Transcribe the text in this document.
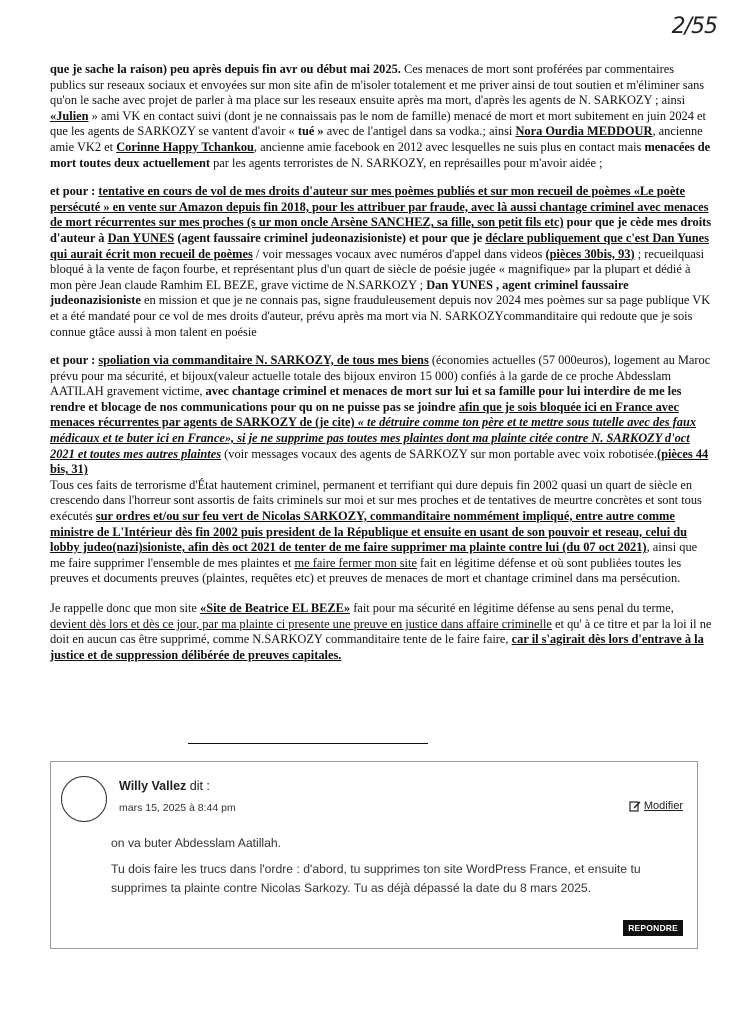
2/55

que je sache la raison) peu après depuis fin avr ou début mai 2025. Ces menaces de mort sont proférées par commentaires publics sur reseaux sociaux et envoyées sur mon site afin de m'isoler totalement et me priver ainsi de tout soutien et m'éliminer sans qu'on le sache avec projet de parler à ma place sur les reseaux ensuite après ma mort, d'après les agents de N. SARKOZY ; ainsi «Julien » ami VK en contact suivi (dont je ne connaissais pas le nom de famille) menacé de mort et mort subitement en juin 2024 et que les agents de SARKOZY se vantent d'avoir « tué » avec de l'antigel dans sa vodka.; ainsi Nora Ourdia MEDDOUR, ancienne amie VK2 et Corinne Happy Tchankou, ancienne amie facebook en 2012 avec lesquelles ne suis plus en contact mais menacées de mort toutes deux actuellement par les agents terroristes de N. SARKOZY, en représailles pour m'avoir aidée ;

et pour : tentative en cours de vol de mes droits d'auteur sur mes poèmes publiés et sur mon recueil de poèmes «Le poète persécuté » en vente sur Amazon depuis fin 2018, pour les attribuer par fraude, avec là aussi chantage criminel avec menaces de mort récurrentes sur mes proches (s ur mon oncle Arsène SANCHEZ, sa fille, son petit fils etc) pour que je cède mes droits d'auteur à Dan YUNES (agent faussaire criminel judeonazisioniste) et pour que je déclare publiquement que c'est Dan Yunes qui aurait écrit mon recueil de poèmes / voir messages vocaux avec numéros d'appel dans videos (pièces 30bis, 93) ; recueilquasi bloqué à la vente de façon fourbe, et représentant plus d'un quart de siècle de poésie jugée « magnifique» par la plupart et dédié à mon père Jean claude Ramhim EL BEZE, grave victime de N.SARKOZY ; Dan YUNES , agent criminel faussaire judeonazisioniste en mission et que je ne connais pas, signe frauduleusement depuis nov 2024 mes poèmes sur sa page publique VK et a été mandaté pour ce vol de mes droits d'auteur, prévu après ma mort via N. SARKOZYcommanditaire qui redoute que je sois connue gtâce aussi à mon talent en poésie

et pour : spoliation via commanditaire N. SARKOZY, de tous mes biens (économies actuelles (57 000euros), logement au Maroc prévu pour ma sécurité, et bijoux(valeur actuelle totale des bijoux environ 15 000) confiés à la garde de ce proche Abdesslam AATILAH gravement victime, avec chantage criminel et menaces de mort sur lui et sa famille pour lui interdire de me les rendre et blocage de nos communications pour qu on ne puisse pas se joindre afin que je sois bloquée ici en France avec menaces récurrentes par agents de SARKOZY de (je cite) « te détruire comme ton père et te mettre sous tutelle avec des faux médicaux et te buter ici en France», si je ne supprime pas toutes mes plaintes dont ma plainte citée contre N. SARKOZY d'oct 2021 et toutes mes autres plaintes (voir messages vocaux des agents de SARKOZY sur mon portable avec voix robotisée.(pièces 44 bis, 31)

Tous ces faits de terrorisme d'État hautement criminel, permanent et terrifiant qui dure depuis fin 2002 quasi un quart de siècle en crescendo dans l'horreur sont assortis de faits criminels sur moi et sur mes proches et de tentatives de meurtre concrètes et sont tous exécutés sur ordres et/ou sur feu vert de Nicolas SARKOZY, commanditaire nommément impliqué, entre autre comme ministre de L'Intérieur dès fin 2002 puis president de la République et ensuite en usant de son pouvoir et reseau, celui du lobby judeo(nazi)sioniste, afin dès oct 2021 de tenter de me faire supprimer ma plainte contre lui (du 07 oct 2021), ainsi que me faire supprimer l'ensemble de mes plaintes et me faire fermer mon site fait en légitime défense et où sont publiées toutes les preuves et documents preuves (plaintes, requêtes etc) et preuves de menaces de mort et chantage criminel dans ma persécution.

Je rappelle donc que mon site «Site de Beatrice EL BEZE» fait pour ma sécurité en légitime défense au sens penal du terme, devient dès lors et dès ce jour, par ma plainte ci presente une preuve en justice dans affaire criminelle et qu' à ce titre et par la loi il ne doit en aucun cas être supprimé, comme N.SARKOZY commanditaire tente de le faire faire, car il s'agirait dès lors d'entrave à la justice et de suppression délibérée de preuves capitales.

Willy Vallez dit :
mars 15, 2025 à 8:44 pm	Modifier

on va buter Abdesslam Aatillah.

Tu dois faire les trucs dans l'ordre : d'abord, tu supprimes ton site WordPress France, et ensuite tu supprimes ta plainte contre Nicolas Sarkozy. Tu as déjà dépassé la date du 8 mars 2025.

REPONDRE
